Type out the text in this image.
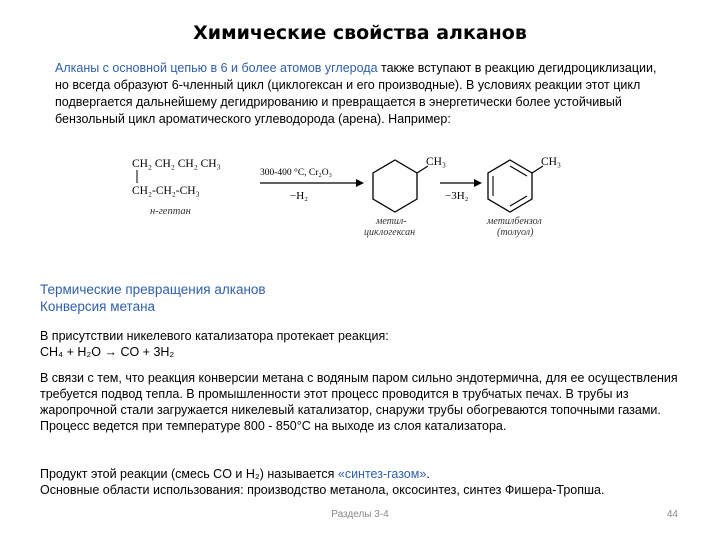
Химические свойства алканов
Алканы с основной цепью в 6 и более атомов углерода также вступают в реакцию дегидроциклизации, но всегда образуют 6-членный цикл (циклогексан и его производные). В условиях реакции этот цикл подвергается дальнейшему дегидрированию и превращается в энергетически более устойчивый бензольный цикл ароматического углеводорода (арена). Например:
CH₂ CH₂ CH₂ CH₃
CH₂-CH₂-CH₃
н-гептан
300-400 °C, Cr₂O₃
−H₂
CH₃
метил-
циклогексан
−3H₂
CH₃
метилбензол
(толуол)
Термические превращения алканов
Конверсия метана
В присутствии никелевого катализатора протекает реакция:
CH₄ + H₂O → CO + 3H₂
В связи с тем, что реакция конверсии метана с водяным паром сильно эндотермична, для ее осуществления требуется подвод тепла. В промышленности этот процесс проводится в трубчатых печах. В трубы из жаропрочной стали загружается никелевый катализатор, снаружи трубы обогреваются топочными газами. Процесс ведется при температуре 800 - 850°C на выходе из слоя катализатора.
Продукт этой реакции (смесь CO и H₂) называется «синтез-газом».
Основные области использования: производство метанола, оксосинтез, синтез Фишера-Тропша.
Разделы 3-4	44
